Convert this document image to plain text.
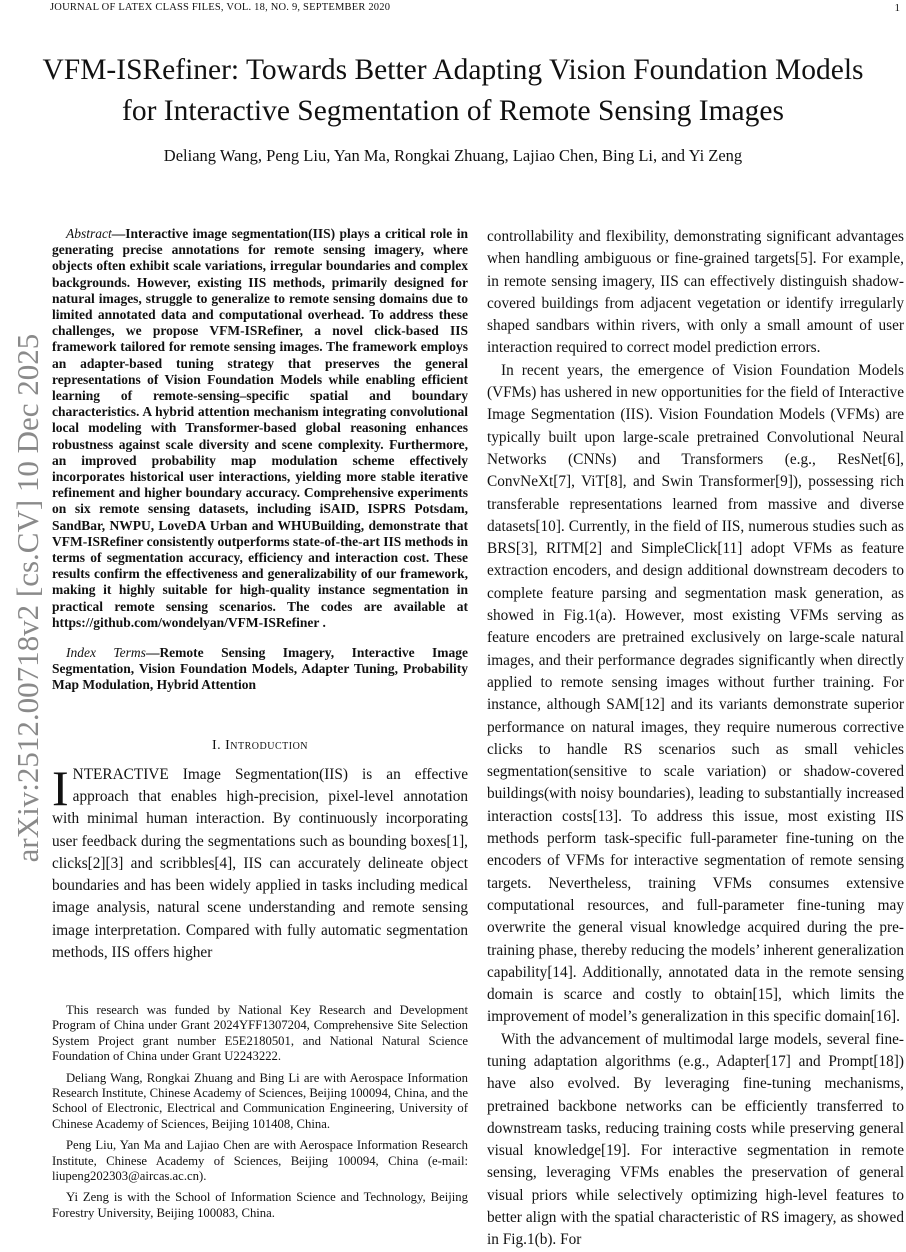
JOURNAL OF LATEX CLASS FILES, VOL. 18, NO. 9, SEPTEMBER 2020	1
VFM-ISRefiner: Towards Better Adapting Vision Foundation Models
for Interactive Segmentation of Remote Sensing Images
Deliang Wang, Peng Liu, Yan Ma, Rongkai Zhuang, Lajiao Chen, Bing Li, and Yi Zeng
arXiv:2512.00718v2 [cs.CV] 10 Dec 2025

Abstract—Interactive image segmentation(IIS) plays a critical role in generating precise annotations for remote sensing imagery, where objects often exhibit scale variations, irregular boundaries and complex backgrounds. However, existing IIS methods, primarily designed for natural images, struggle to generalize to remote sensing domains due to limited annotated data and computational overhead. To address these challenges, we propose VFM-ISRefiner, a novel click-based IIS framework tailored for remote sensing images. The framework employs an adapter-based tuning strategy that preserves the general representations of Vision Foundation Models while enabling efficient learning of remote-sensing–specific spatial and boundary characteristics. A hybrid attention mechanism integrating convolutional local modeling with Transformer-based global reasoning enhances robustness against scale diversity and scene complexity. Furthermore, an improved probability map modulation scheme effectively incorporates historical user interactions, yielding more stable iterative refinement and higher boundary accuracy. Comprehensive experiments on six remote sensing datasets, including iSAID, ISPRS Potsdam, SandBar, NWPU, LoveDA Urban and WHUBuilding, demonstrate that VFM-ISRefiner consistently outperforms state-of-the-art IIS methods in terms of segmentation accuracy, efficiency and interaction cost. These results confirm the effectiveness and generalizability of our framework, making it highly suitable for high-quality instance segmentation in practical remote sensing scenarios. The codes are available at https://github.com/wondelyan/VFM-ISRefiner .

Index Terms—Remote Sensing Imagery, Interactive Image Segmentation, Vision Foundation Models, Adapter Tuning, Probability Map Modulation, Hybrid Attention

I. Introduction

INTERACTIVE Image Segmentation(IIS) is an effective approach that enables high-precision, pixel-level annotation with minimal human interaction. By continuously incorporating user feedback during the segmentations such as bounding boxes[1], clicks[2][3] and scribbles[4], IIS can accurately delineate object boundaries and has been widely applied in tasks including medical image analysis, natural scene understanding and remote sensing image interpretation. Compared with fully automatic segmentation methods, IIS offers higher

This research was funded by National Key Research and Development Program of China under Grant 2024YFF1307204, Comprehensive Site Selection System Project grant number E5E2180501, and National Natural Science Foundation of China under Grant U2243222.

Deliang Wang, Rongkai Zhuang and Bing Li are with Aerospace Information Research Institute, Chinese Academy of Sciences, Beijing 100094, China, and the School of Electronic, Electrical and Communication Engineering, University of Chinese Academy of Sciences, Beijing 101408, China.

Peng Liu, Yan Ma and Lajiao Chen are with Aerospace Information Research Institute, Chinese Academy of Sciences, Beijing 100094, China (e-mail: liupeng202303@aircas.ac.cn).

Yi Zeng is with the School of Information Science and Technology, Beijing Forestry University, Beijing 100083, China.

controllability and flexibility, demonstrating significant advantages when handling ambiguous or fine-grained targets[5]. For example, in remote sensing imagery, IIS can effectively distinguish shadow-covered buildings from adjacent vegetation or identify irregularly shaped sandbars within rivers, with only a small amount of user interaction required to correct model prediction errors.

In recent years, the emergence of Vision Foundation Models (VFMs) has ushered in new opportunities for the field of Interactive Image Segmentation (IIS). Vision Foundation Models (VFMs) are typically built upon large-scale pretrained Convolutional Neural Networks (CNNs) and Transformers (e.g., ResNet[6], ConvNeXt[7], ViT[8], and Swin Transformer[9]), possessing rich transferable representations learned from massive and diverse datasets[10]. Currently, in the field of IIS, numerous studies such as BRS[3], RITM[2] and SimpleClick[11] adopt VFMs as feature extraction encoders, and design additional downstream decoders to complete feature parsing and segmentation mask generation, as showed in Fig.1(a). However, most existing VFMs serving as feature encoders are pretrained exclusively on large-scale natural images, and their performance degrades significantly when directly applied to remote sensing images without further training. For instance, although SAM[12] and its variants demonstrate superior performance on natural images, they require numerous corrective clicks to handle RS scenarios such as small vehicles segmentation(sensitive to scale variation) or shadow-covered buildings(with noisy boundaries), leading to substantially increased interaction costs[13]. To address this issue, most existing IIS methods perform task-specific full-parameter fine-tuning on the encoders of VFMs for interactive segmentation of remote sensing targets. Nevertheless, training VFMs consumes extensive computational resources, and full-parameter fine-tuning may overwrite the general visual knowledge acquired during the pre-training phase, thereby reducing the models’ inherent generalization capability[14]. Additionally, annotated data in the remote sensing domain is scarce and costly to obtain[15], which limits the improvement of model’s generalization in this specific domain[16].

With the advancement of multimodal large models, several fine-tuning adaptation algorithms (e.g., Adapter[17] and Prompt[18]) have also evolved. By leveraging fine-tuning mechanisms, pretrained backbone networks can be efficiently transferred to downstream tasks, reducing training costs while preserving general visual knowledge[19]. For interactive segmentation in remote sensing, leveraging VFMs enables the preservation of general visual priors while selectively optimizing high-level features to better align with the spatial characteristic of RS imagery, as showed in Fig.1(b). For
